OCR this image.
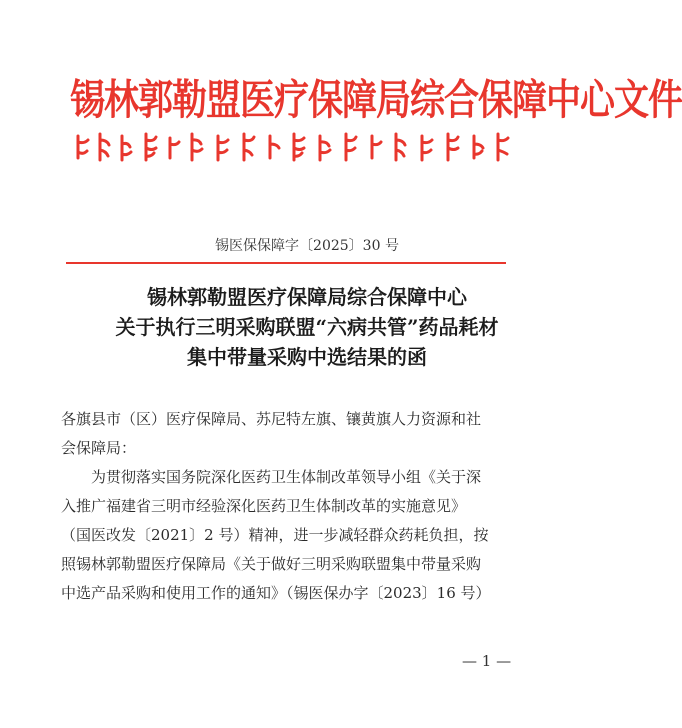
锡林郭勒盟医疗保障局综合保障中心文件
锡医保保障字〔2025〕30 号
锡林郭勒盟医疗保障局综合保障中心
关于执行三明采购联盟“六病共管”药品耗材
集中带量采购中选结果的函

各旗县市（区）医疗保障局、苏尼特左旗、镶黄旗人力资源和社

会保障局：

为贯彻落实国务院深化医药卫生体制改革领导小组《关于深

入推广福建省三明市经验深化医药卫生体制改革的实施意见》

（国医改发〔2021〕2 号）精神，进一步减轻群众药耗负担，按

照锡林郭勒盟医疗保障局《关于做好三明采购联盟集中带量采购

中选产品采购和使用工作的通知》（锡医保办字〔2023〕16 号）

— 1 —
